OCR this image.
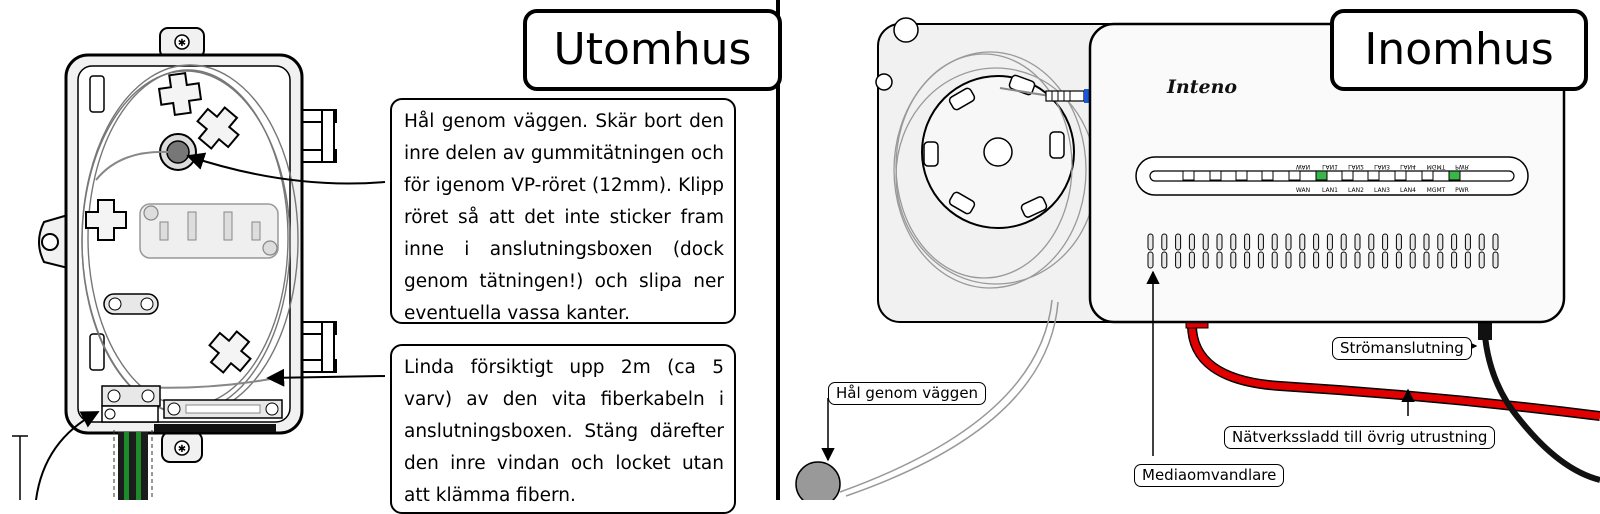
✱
✱
WAN LAN1 LAN2 LAN3 LAN4 MGMT PWR
WAN LAN1 LAN2 LAN3 LAN4 MGMT PWR
Utomhus	Inomhus
Hål genom väggen. Skär bort den inre delen av gummitätningen och för igenom VP-röret (12mm). Klipp röret så att det inte sticker fram inne i anslutningsboxen (dock genom tätningen!) och slipa ner eventuella vassa kanter.
Linda försiktigt upp 2m (ca 5 varv) av den vita fiberkabeln i anslutningsboxen. Stäng därefter den inre vindan och locket utan att klämma fibern.
Inteno
Hål genom väggen
Strömanslutning
Nätverkssladd till övrig utrustning
Mediaomvandlare
